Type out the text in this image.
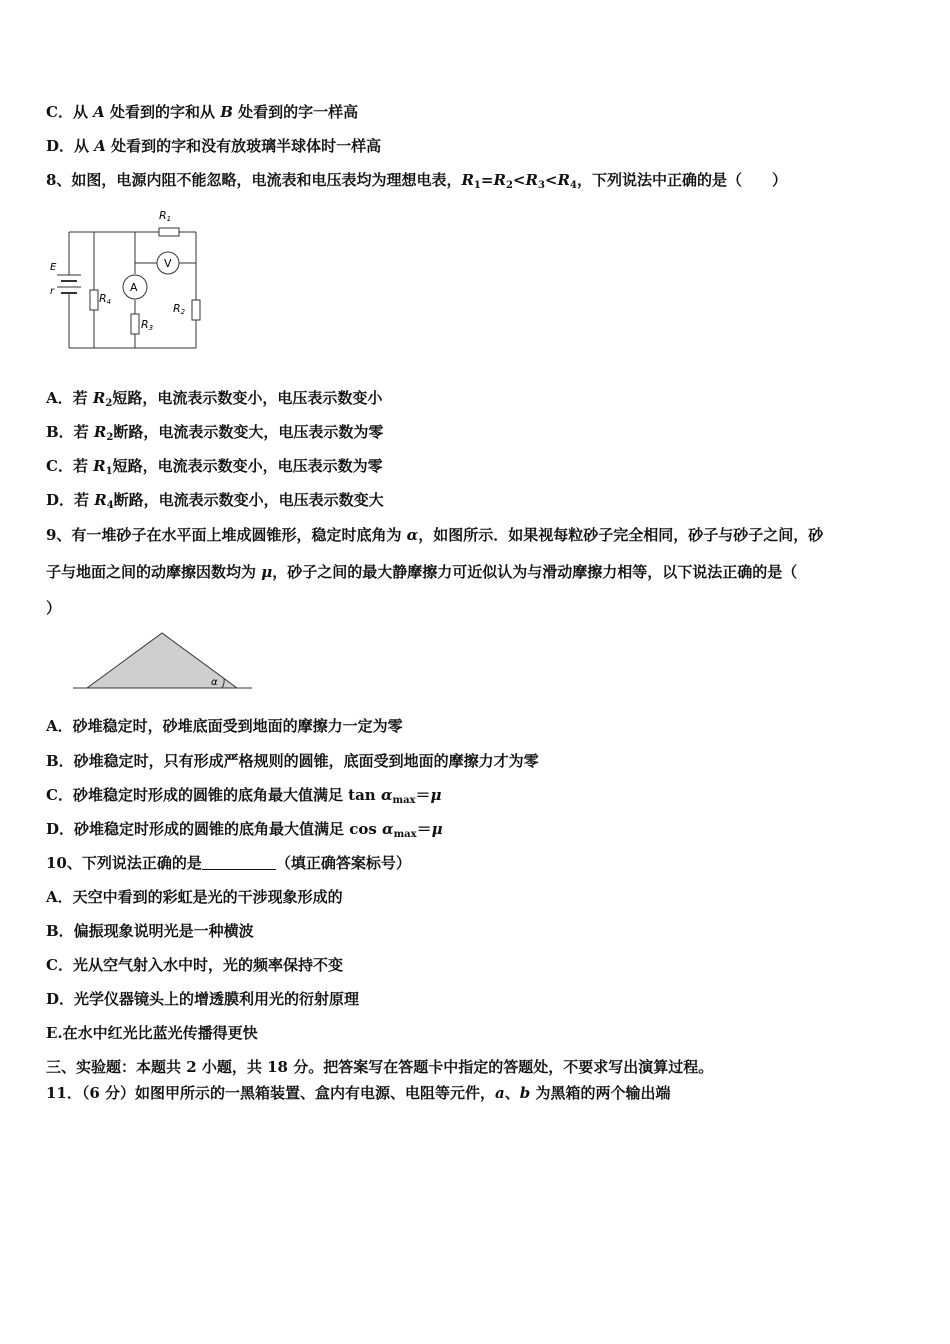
C．从 A 处看到的字和从 B 处看到的字一样高
D．从 A 处看到的字和没有放玻璃半球体时一样高
8、如图，电源内阻不能忽略，电流表和电压表均为理想电表，$R_1=R_2<R_3<R_4$，下列说法中正确的是（　　）
A
V
R1
R4
R3
R2
E
r
A．若 $R_2$短路，电流表示数变小，电压表示数变小
B．若 $R_2$断路，电流表示数变大，电压表示数为零
C．若 $R_1$短路，电流表示数变小，电压表示数为零
D．若 $R_4$断路，电流表示数变小，电压表示数变大
9、有一堆砂子在水平面上堆成圆锥形，稳定时底角为 α，如图所示．如果视每粒砂子完全相同，砂子与砂子之间，砂
子与地面之间的动摩擦因数均为 μ，砂子之间的最大静摩擦力可近似认为与滑动摩擦力相等，以下说法正确的是（
）
α
A．砂堆稳定时，砂堆底面受到地面的摩擦力一定为零
B．砂堆稳定时，只有形成严格规则的圆锥，底面受到地面的摩擦力才为零
C．砂堆稳定时形成的圆锥的底角最大值满足 $\tan \alpha_{max}=\mu$
D．砂堆稳定时形成的圆锥的底角最大值满足 $\cos \alpha_{max}=\mu$
10、下列说法正确的是	（填正确答案标号）
A．天空中看到的彩虹是光的干涉现象形成的
B．偏振现象说明光是一种横波
C．光从空气射入水中时，光的频率保持不变
D．光学仪器镜头上的增透膜利用光的衍射原理
E.在水中红光比蓝光传播得更快
三、实验题：本题共 2 小题，共 18 分。把答案写在答题卡中指定的答题处，不要求写出演算过程。
11．（6 分）如图甲所示的一黑箱装置、盒内有电源、电阻等元件，a、b 为黑箱的两个输出端
